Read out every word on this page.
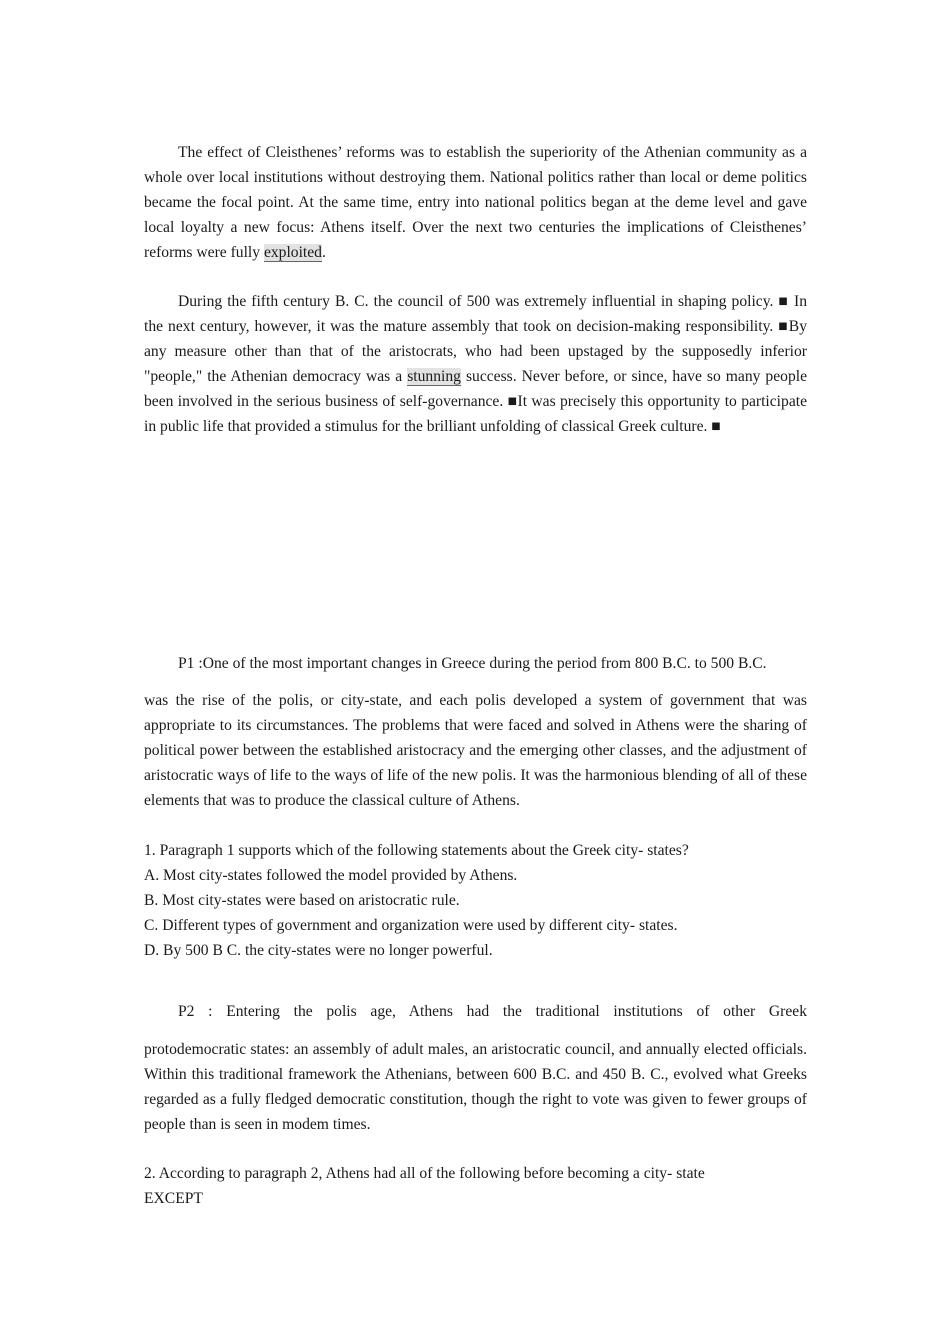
The effect of Cleisthenes’ reforms was to establish the superiority of the Athenian community as a whole over local institutions without destroying them. National politics rather than local or deme politics became the focal point. At the same time, entry into national politics began at the deme level and gave local loyalty a new focus: Athens itself. Over the next two centuries the implications of Cleisthenes’ reforms were fully exploited.

During the fifth century B. C. the council of 500 was extremely influential in shaping policy. ■ In the next century, however, it was the mature assembly that took on decision-making responsibility. ■By any measure other than that of the aristocrats, who had been upstaged by the supposedly inferior "people," the Athenian democracy was a stunning success. Never before, or since, have so many people been involved in the serious business of self-governance. ■It was precisely this opportunity to participate in public life that provided a stimulus for the brilliant unfolding of classical Greek culture. ■

P1 :One of the most important changes in Greece during the period from 800 B.C. to 500 B.C.

was the rise of the polis, or city-state, and each polis developed a system of government that was appropriate to its circumstances. The problems that were faced and solved in Athens were the sharing of political power between the established aristocracy and the emerging other classes, and the adjustment of aristocratic ways of life to the ways of life of the new polis. It was the harmonious blending of all of these elements that was to produce the classical culture of Athens.

1. Paragraph 1 supports which of the following statements about the Greek city- states?
A. Most city-states followed the model provided by Athens.
B. Most city-states were based on aristocratic rule.
C. Different types of government and organization were used by different city- states.
D. By 500 B C. the city-states were no longer powerful.

P2 : Entering the polis age, Athens had the traditional institutions of other Greek

protodemocratic states: an assembly of adult males, an aristocratic council, and annually elected officials. Within this traditional framework the Athenians, between 600 B.C. and 450 B. C., evolved what Greeks regarded as a fully fledged democratic constitution, though the right to vote was given to fewer groups of people than is seen in modem times.

2. According to paragraph 2, Athens had all of the following before becoming a city- state
EXCEPT
